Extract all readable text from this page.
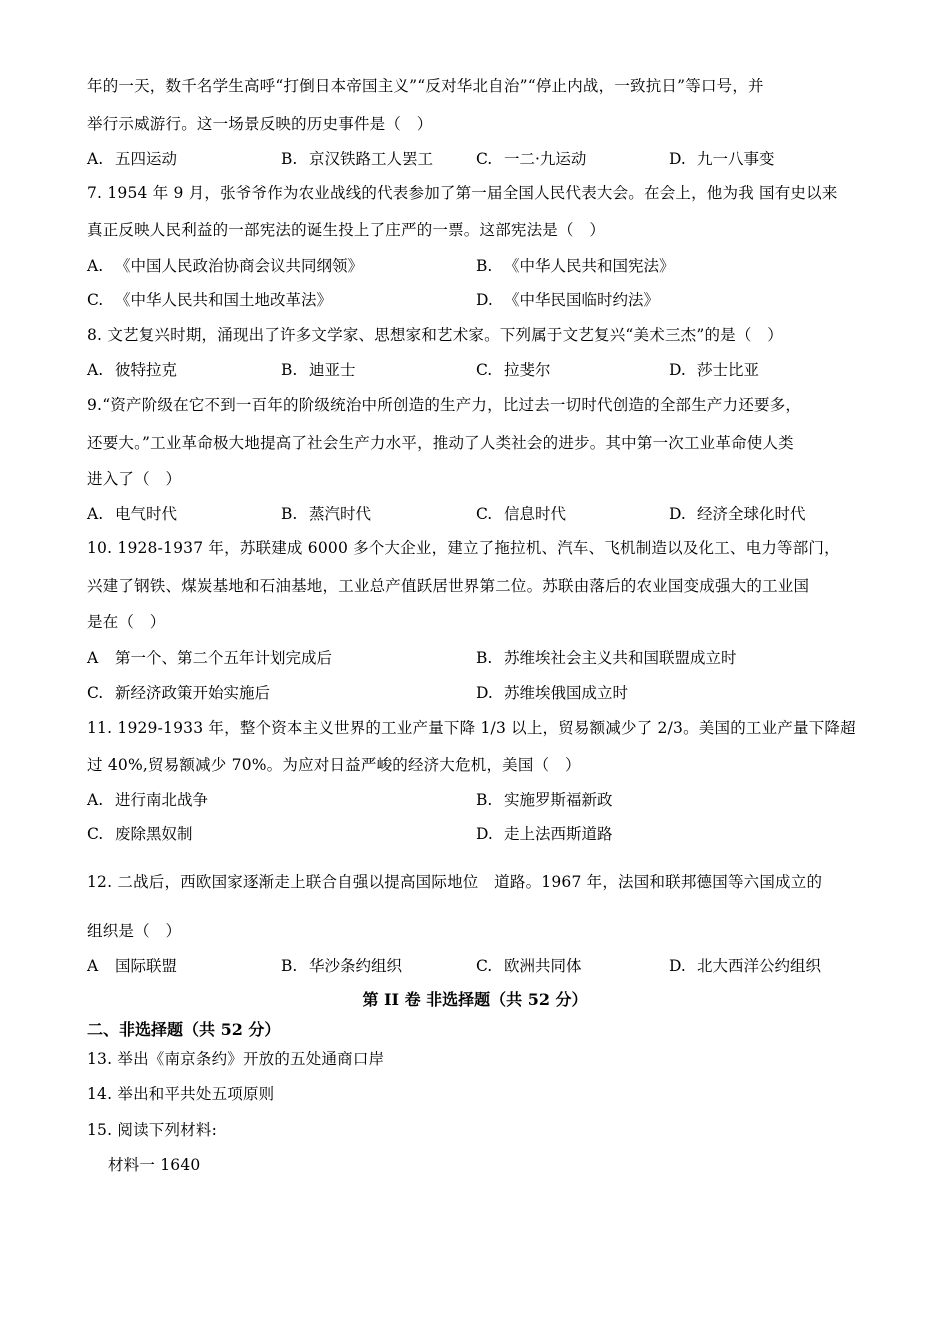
年的一天，数千名学生高呼“打倒日本帝国主义”“反对华北自治”“停止内战，一致抗日”等口号，并
举行示威游行。这一场景反映的历史事件是（　）
A. 五四运动	B. 京汉铁路工人罢工	C. 一二·九运动	D. 九一八事变
7. 1954 年 9 月，张爷爷作为农业战线的代表参加了第一届全国人民代表大会。在会上，他为我 国有史以来
真正反映人民利益的一部宪法的诞生投上了庄严的一票。这部宪法是（　）
A. 《中国人民政治协商会议共同纲领》	B. 《中华人民共和国宪法》
C. 《中华人民共和国土地改革法》	D. 《中华民国临时约法》
8. 文艺复兴时期，涌现出了许多文学家、思想家和艺术家。下列属于文艺复兴“美术三杰”的是（　）
A. 彼特拉克	B. 迪亚士	C. 拉斐尔	D. 莎士比亚
9.“资产阶级在它不到一百年的阶级统治中所创造的生产力，比过去一切时代创造的全部生产力还要多，
还要大。”工业革命极大地提高了社会生产力水平，推动了人类社会的进步。其中第一次工业革命使人类
进入了（　）
A. 电气时代	B. 蒸汽时代	C. 信息时代	D. 经济全球化时代
10. 1928-1937 年，苏联建成 6000 多个大企业，建立了拖拉机、汽车、飞机制造以及化工、电力等部门，
兴建了钢铁、煤炭基地和石油基地，工业总产值跃居世界第二位。苏联由落后的农业国变成强大的工业国
是在（　）
A 第一个、第二个五年计划完成后	B. 苏维埃社会主义共和国联盟成立时
C. 新经济政策开始实施后	D. 苏维埃俄国成立时
11. 1929-1933 年，整个资本主义世界的工业产量下降 1/3 以上，贸易额减少了 2/3。美国的工业产量下降超
过 40%,贸易额减少 70%。为应对日益严峻的经济大危机，美国（　）
A. 进行南北战争	B. 实施罗斯福新政
C. 废除黑奴制	D. 走上法西斯道路
12. 二战后，西欧国家逐渐走上联合自强以提高国际地位　道路。1967 年，法国和联邦德国等六国成立的
组织是（　）
A 国际联盟	B. 华沙条约组织	C. 欧洲共同体	D. 北大西洋公约组织
第 II 卷 非选择题（共 52 分）
二、非选择题（共 52 分）
13. 举出《南京条约》开放的五处通商口岸
14. 举出和平共处五项原则
15. 阅读下列材料:
材料一 1640
